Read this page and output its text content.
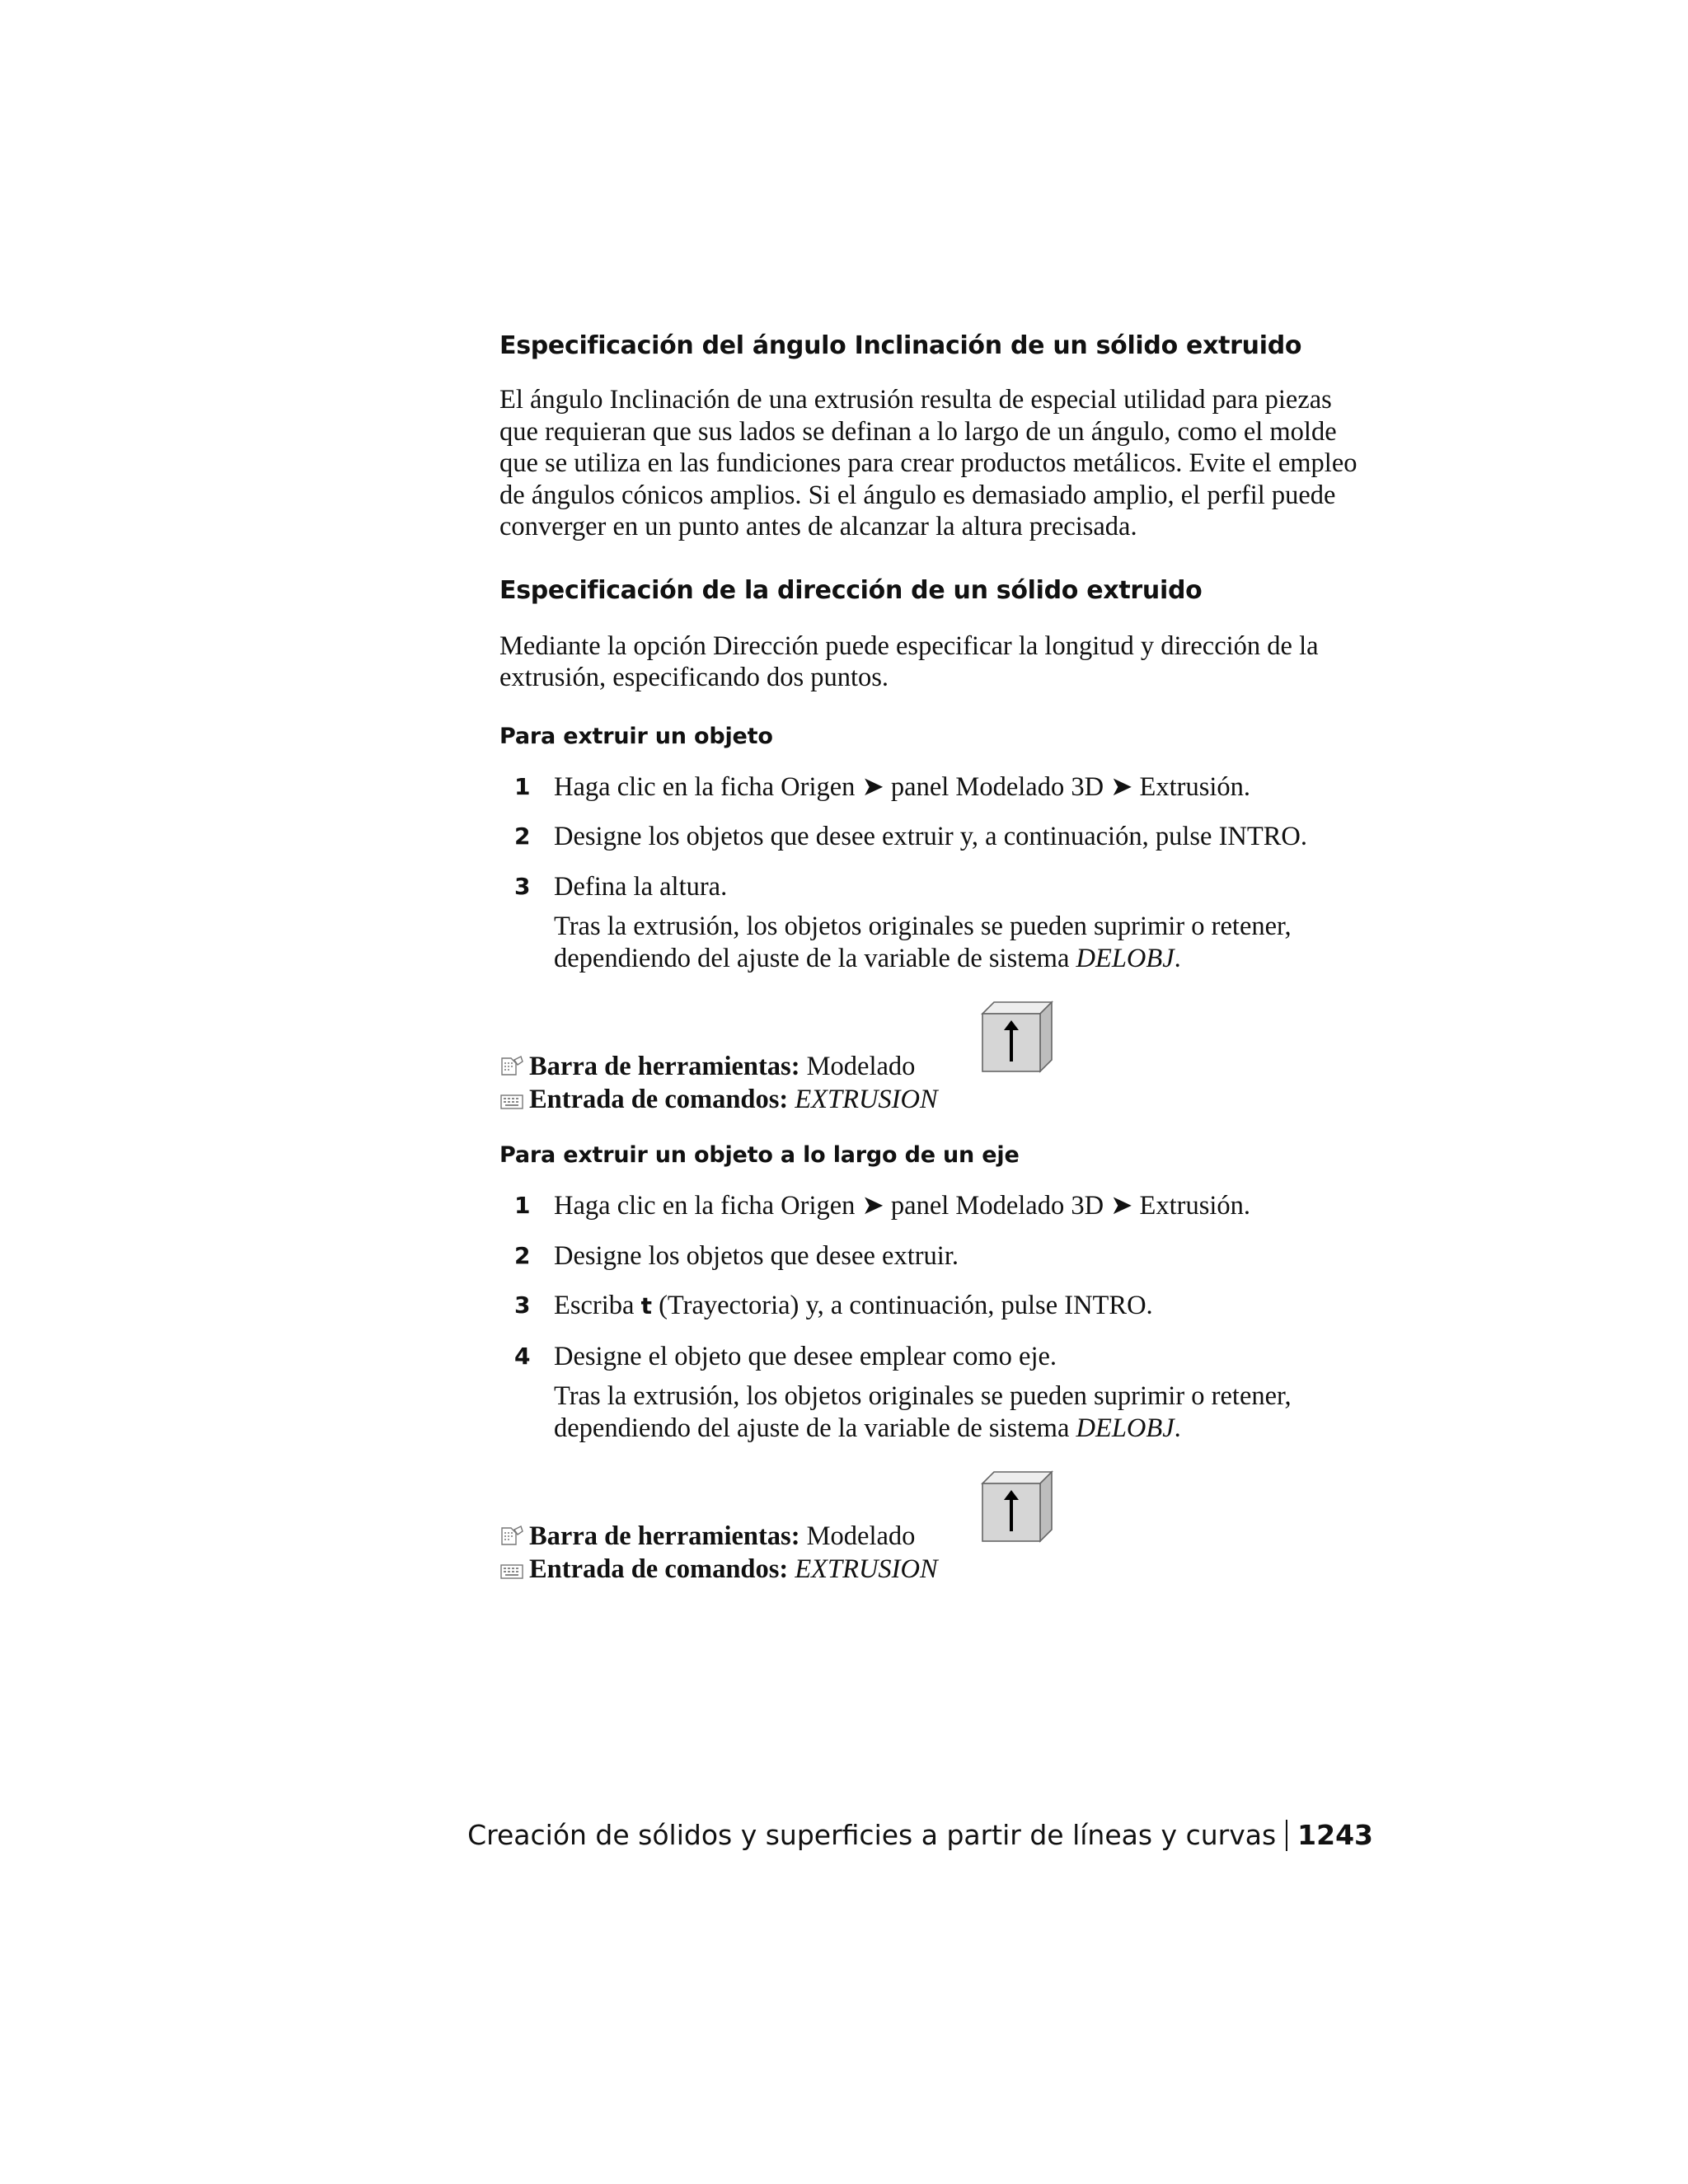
Especificación del ángulo Inclinación de un sólido extruido

El ángulo Inclinación de una extrusión resulta de especial utilidad para piezas
que requieran que sus lados se definan a lo largo de un ángulo, como el molde
que se utiliza en las fundiciones para crear productos metálicos. Evite el empleo
de ángulos cónicos amplios. Si el ángulo es demasiado amplio, el perfil puede
converger en un punto antes de alcanzar la altura precisada.

Especificación de la dirección de un sólido extruido

Mediante la opción Dirección puede especificar la longitud y dirección de la
extrusión, especificando dos puntos.

Para extruir un objeto
1 Haga clic en la ficha Origen ➤ panel Modelado 3D ➤ Extrusión.
2 Designe los objetos que desee extruir y, a continuación, pulse INTRO.
3 Defina la altura.
Tras la extrusión, los objetos originales se pueden suprimir o retener,
dependiendo del ajuste de la variable de sistema DELOBJ.
Barra de herramientas: Modelado
Entrada de comandos: EXTRUSION
Para extruir un objeto a lo largo de un eje
1 Haga clic en la ficha Origen ➤ panel Modelado 3D ➤ Extrusión.
2 Designe los objetos que desee extruir.
3 Escriba t (Trayectoria) y, a continuación, pulse INTRO.
4 Designe el objeto que desee emplear como eje.
Tras la extrusión, los objetos originales se pueden suprimir o retener,
dependiendo del ajuste de la variable de sistema DELOBJ.
Barra de herramientas: Modelado
Entrada de comandos: EXTRUSION
Creación de sólidos y superficies a partir de líneas y curvas 1243
